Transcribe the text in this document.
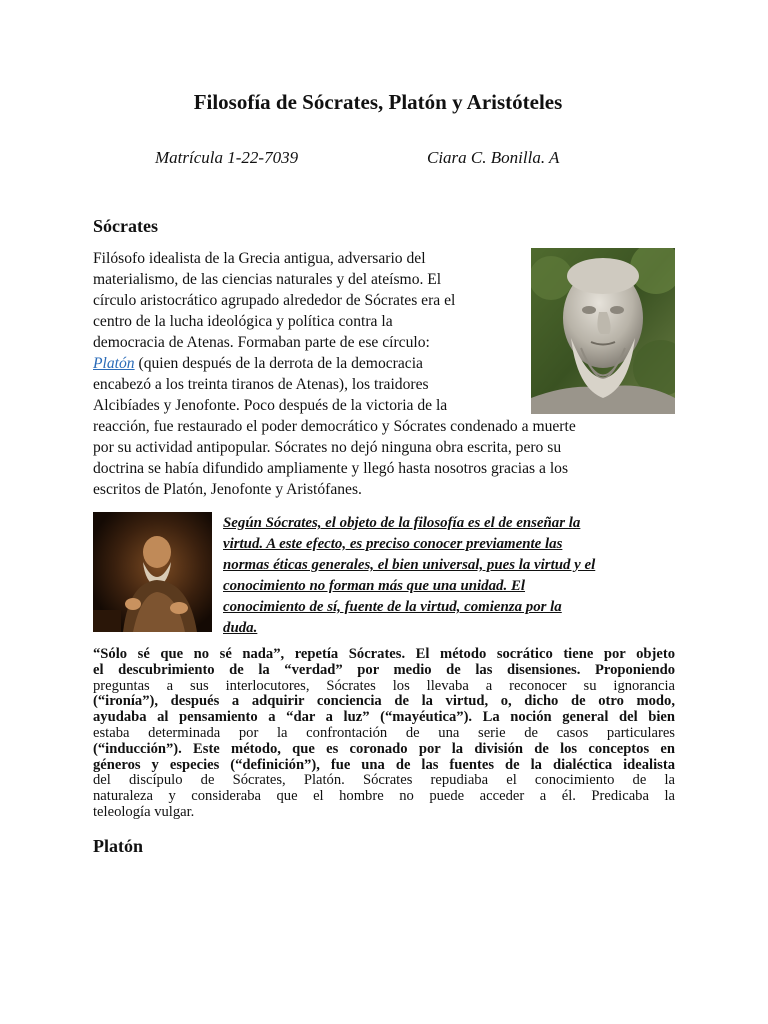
Filosofía de Sócrates, Platón y Aristóteles
Matrícula 1-22-7039	Ciara C. Bonilla. A
Sócrates
Filósofo idealista de la Grecia antigua, adversario del
materialismo, de las ciencias naturales y del ateísmo. El
círculo aristocrático agrupado alrededor de Sócrates era el
centro de la lucha ideológica y política contra la
democracia de Atenas. Formaban parte de ese círculo:
Platón (quien después de la derrota de la democracia
encabezó a los treinta tiranos de Atenas), los traidores
Alcibíades y Jenofonte. Poco después de la victoria de la
reacción, fue restaurado el poder democrático y Sócrates condenado a muerte
por su actividad antipopular. Sócrates no dejó ninguna obra escrita, pero su
doctrina se había difundido ampliamente y llegó hasta nosotros gracias a los
escritos de Platón, Jenofonte y Aristófanes.
Según Sócrates, el objeto de la filosofía es el de enseñar la
virtud. A este efecto, es preciso conocer previamente las
normas éticas generales, el bien universal, pues la virtud y el
conocimiento no forman más que una unidad. El
conocimiento de sí, fuente de la virtud, comienza por la
duda.
“Sólo sé que no sé nada”, repetía Sócrates. El método socrático tiene por objeto
el descubrimiento de la “verdad” por medio de las disensiones. Proponiendo
preguntas a sus interlocutores, Sócrates los llevaba a reconocer su ignorancia
(“ironía”), después a adquirir conciencia de la virtud, o, dicho de otro modo,
ayudaba al pensamiento a “dar a luz” (“mayéutica”). La noción general del bien
estaba determinada por la confrontación de una serie de casos particulares
(“inducción”). Este método, que es coronado por la división de los conceptos en
géneros y especies (“definición”), fue una de las fuentes de la dialéctica idealista
del discípulo de Sócrates, Platón. Sócrates repudiaba el conocimiento de la
naturaleza y consideraba que el hombre no puede acceder a él. Predicaba la
teleología vulgar.
Platón
